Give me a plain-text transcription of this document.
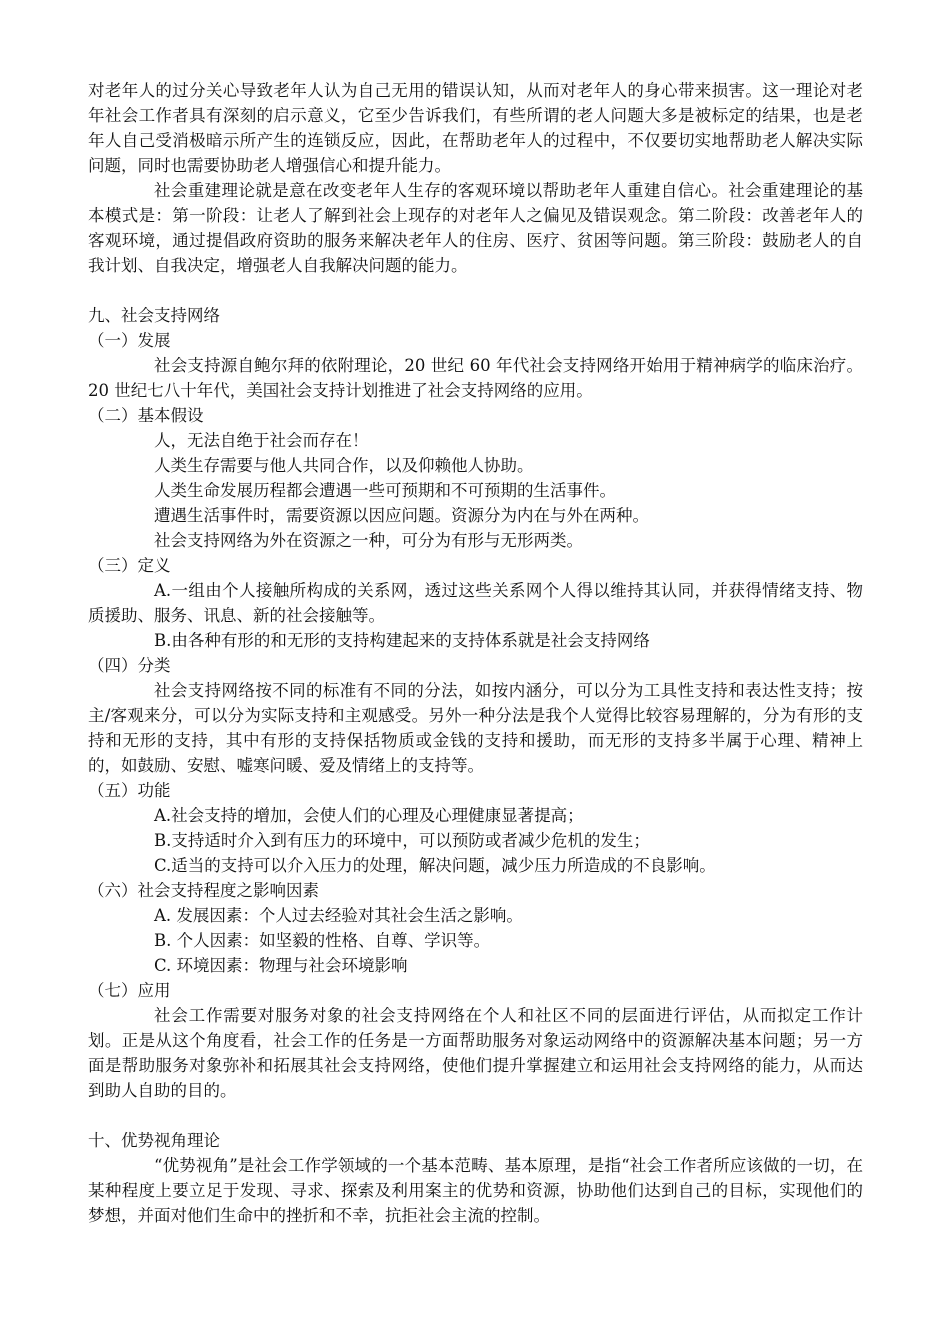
对老年人的过分关心导致老年人认为自己无用的错误认知，从而对老年人的身心带来损害。这一理论对老年社会工作者具有深刻的启示意义，它至少告诉我们，有些所谓的老人问题大多是被标定的结果，也是老年人自己受消极暗示所产生的连锁反应，因此，在帮助老年人的过程中，不仅要切实地帮助老人解决实际问题，同时也需要协助老人增强信心和提升能力。

社会重建理论就是意在改变老年人生存的客观环境以帮助老年人重建自信心。社会重建理论的基本模式是：第一阶段：让老人了解到社会上现存的对老年人之偏见及错误观念。第二阶段：改善老年人的客观环境，通过提倡政府资助的服务来解决老年人的住房、医疗、贫困等问题。第三阶段：鼓励老人的自我计划、自我决定，增强老人自我解决问题的能力。

九、社会支持网络

（一）发展

社会支持源自鲍尔拜的依附理论，20 世纪 60 年代社会支持网络开始用于精神病学的临床治疗。20 世纪七八十年代，美国社会支持计划推进了社会支持网络的应用。

（二）基本假设

人，无法自绝于社会而存在！

人类生存需要与他人共同合作，以及仰赖他人协助。

人类生命发展历程都会遭遇一些可预期和不可预期的生活事件。

遭遇生活事件时，需要资源以因应问题。资源分为内在与外在两种。

社会支持网络为外在资源之一种，可分为有形与无形两类。

（三）定义

A.一组由个人接触所构成的关系网，透过这些关系网个人得以维持其认同，并获得情绪支持、物质援助、服务、讯息、新的社会接触等。

B.由各种有形的和无形的支持构建起来的支持体系就是社会支持网络

（四）分类

社会支持网络按不同的标准有不同的分法，如按内涵分，可以分为工具性支持和表达性支持；按主/客观来分，可以分为实际支持和主观感受。另外一种分法是我个人觉得比较容易理解的，分为有形的支持和无形的支持，其中有形的支持保括物质或金钱的支持和援助，而无形的支持多半属于心理、精神上的，如鼓励、安慰、嘘寒问暖、爱及情绪上的支持等。

（五）功能

A.社会支持的增加，会使人们的心理及心理健康显著提高；

B.支持适时介入到有压力的环境中，可以预防或者减少危机的发生；

C.适当的支持可以介入压力的处理，解决问题，减少压力所造成的不良影响。

（六）社会支持程度之影响因素

A. 发展因素：个人过去经验对其社会生活之影响。

B. 个人因素：如坚毅的性格、自尊、学识等。

C. 环境因素：物理与社会环境影响

（七）应用

社会工作需要对服务对象的社会支持网络在个人和社区不同的层面进行评估，从而拟定工作计划。正是从这个角度看，社会工作的任务是一方面帮助服务对象运动网络中的资源解决基本问题；另一方面是帮助服务对象弥补和拓展其社会支持网络，使他们提升掌握建立和运用社会支持网络的能力，从而达到助人自助的目的。

十、优势视角理论

“优势视角”是社会工作学领域的一个基本范畴、基本原理，是指“社会工作者所应该做的一切，在某种程度上要立足于发现、寻求、探索及利用案主的优势和资源，协助他们达到自己的目标，实现他们的梦想，并面对他们生命中的挫折和不幸，抗拒社会主流的控制。
